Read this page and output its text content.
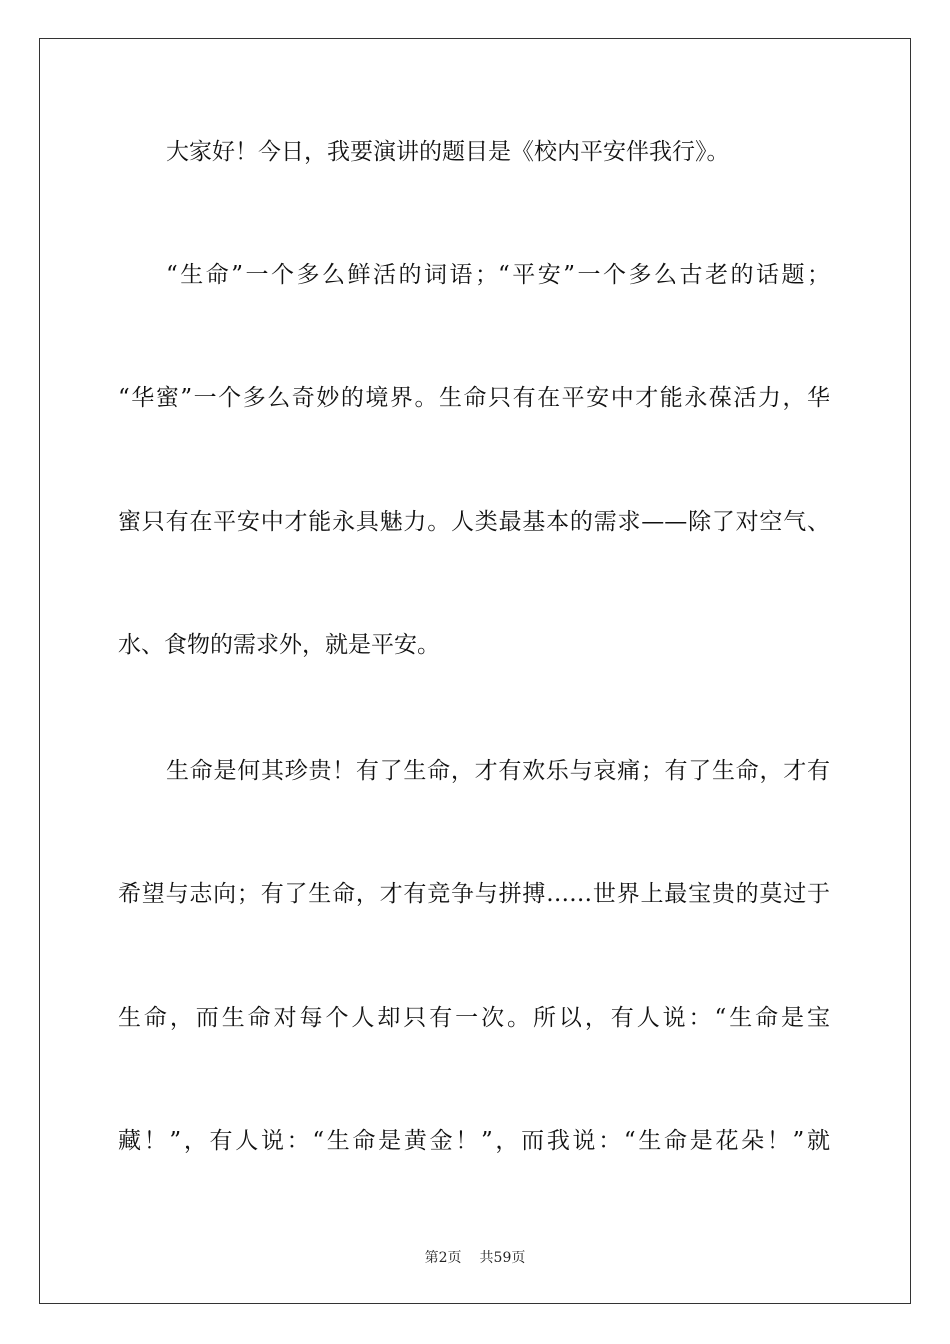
大家好！今日，我要演讲的题目是《校内平安伴我行》。
“生命”一个多么鲜活的词语；“平安”一个多么古老的话题；
“华蜜”一个多么奇妙的境界。生命只有在平安中才能永葆活力，华
蜜只有在平安中才能永具魅力。人类最基本的需求——除了对空气、
水、食物的需求外，就是平安。
生命是何其珍贵！有了生命，才有欢乐与哀痛；有了生命，才有
希望与志向；有了生命，才有竞争与拼搏……世界上最宝贵的莫过于
生命，而生命对每个人却只有一次。所以，有人说：“生命是宝
藏！”，有人说：“生命是黄金！”，而我说：“生命是花朵！”就
第2页 共59页
